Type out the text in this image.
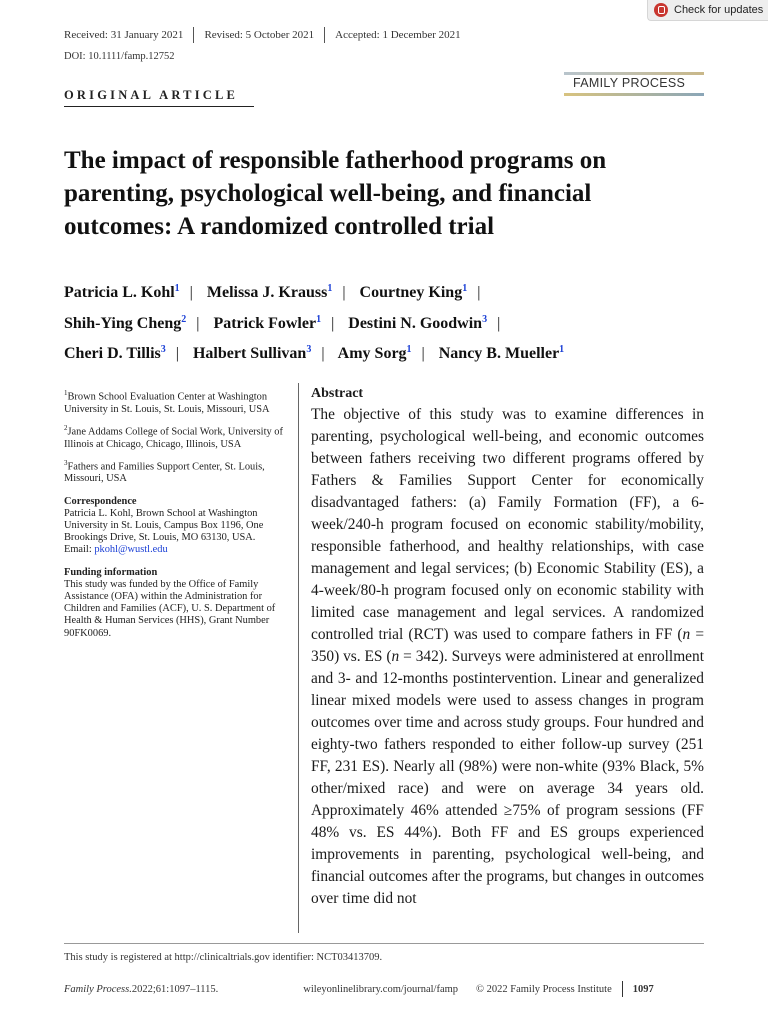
Received: 31 January 2021 Revised: 5 October 2021 Accepted: 1 December 2021
DOI: 10.1111/famp.12752
Check for updates
ORIGINAL ARTICLE
FAMILY PROCESS
The impact of responsible fatherhood programs on parenting, psychological well-being, and financial outcomes: A randomized controlled trial
Patricia L. Kohl$^1$ | Melissa J. Krauss$^1$ | Courtney King$^1$ |
Shih-Ying Cheng$^2$ | Patrick Fowler$^1$ | Destini N. Goodwin$^3$ |
Cheri D. Tillis$^3$ | Halbert Sullivan$^3$ | Amy Sorg$^1$ | Nancy B. Mueller$^1$
$^1$Brown School Evaluation Center at Washington University in St. Louis, St. Louis, Missouri, USA
$^2$Jane Addams College of Social Work, University of Illinois at Chicago, Chicago, Illinois, USA
$^3$Fathers and Families Support Center, St. Louis, Missouri, USA
Correspondence
Patricia L. Kohl, Brown School at Washington University in St. Louis, Campus Box 1196, One Brookings Drive, St. Louis, MO 63130, USA.
Email: pkohl@wustl.edu
Funding information
This study was funded by the Office of Family Assistance (OFA) within the Administration for Children and Families (ACF), U. S. Department of Health & Human Services (HHS), Grant Number 90FK0069.
Abstract
The objective of this study was to examine differences in parenting, psychological well-being, and economic outcomes between fathers receiving two different programs offered by Fathers & Families Support Center for economically disadvantaged fathers: (a) Family Formation (FF), a 6-week/240-h program focused on economic stability/mobility, responsible fatherhood, and healthy relationships, with case management and legal services; (b) Economic Stability (ES), a 4-week/80-h program focused only on economic stability with limited case management and legal services. A randomized controlled trial (RCT) was used to compare fathers in FF (n = 350) vs. ES (n = 342). Surveys were administered at enrollment and 3- and 12-months postintervention. Linear and generalized linear mixed models were used to assess changes in program outcomes over time and across study groups. Four hundred and eighty-two fathers responded to either follow-up survey (251 FF, 231 ES). Nearly all (98%) were non-white (93% Black, 5% other/mixed race) and were on average 34 years old. Approximately 46% attended ≥75% of program sessions (FF 48% vs. ES 44%). Both FF and ES groups experienced improvements in parenting, psychological well-being, and financial outcomes after the programs, but changes in outcomes over time did not
This study is registered at http://clinicaltrials.gov identifier: NCT03413709.
Family Process. 2022;61:1097–1115.	wileyonlinelibrary.com/journal/famp © 2022 Family Process Institute 1097
